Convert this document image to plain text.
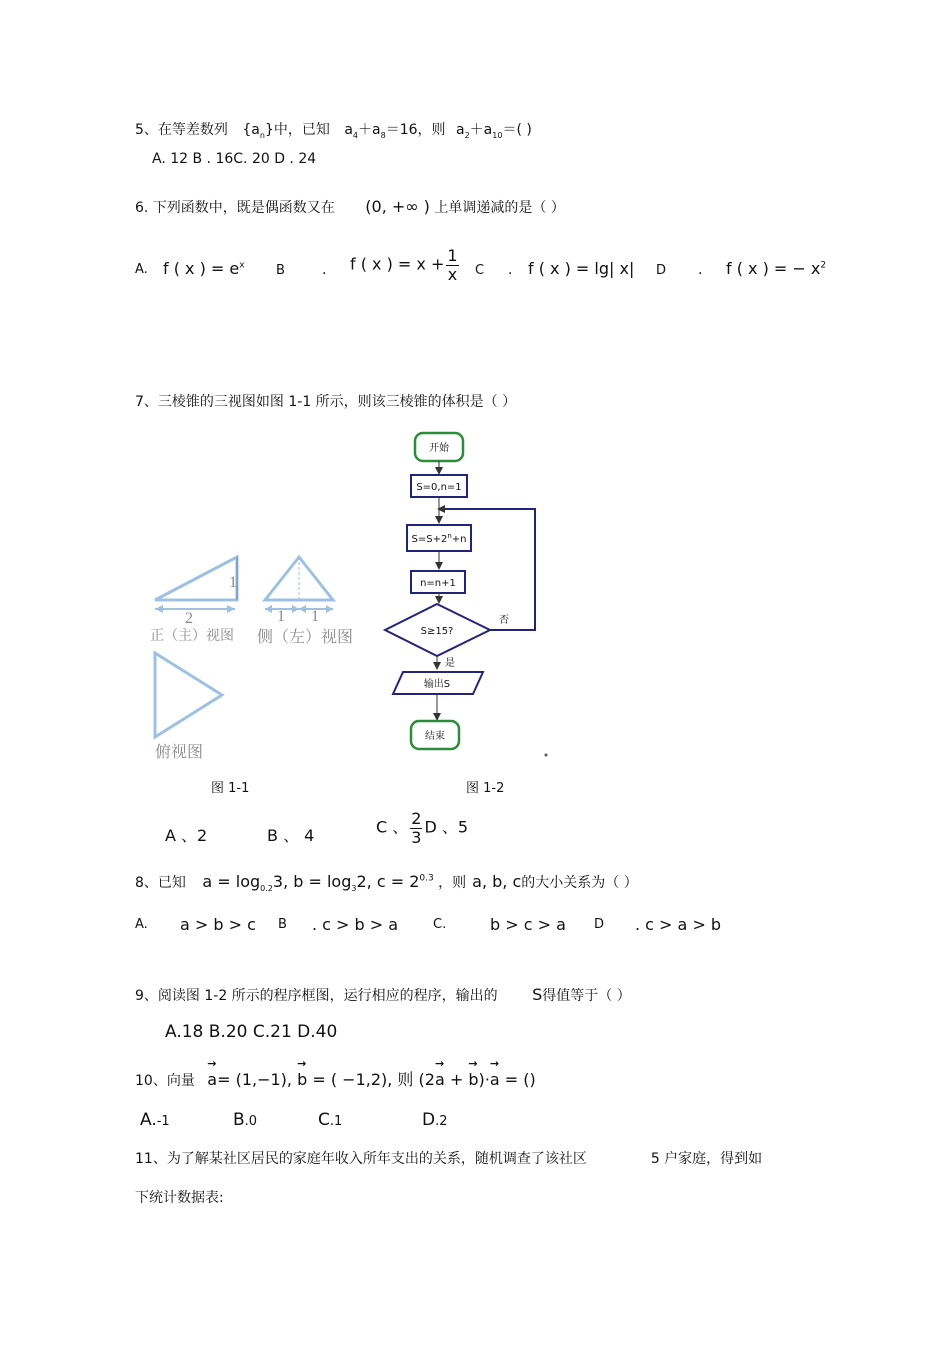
5、在等差数列 $\{a_n\}$中，已知 $a_4+a_8=16$，则 $a_2+a_{10}=$( )
A. 12 B . 16C. 20 D . 24
6. 下列函数中，既是偶函数又在 (0, +∞ ) 上单调递减的是（ ）
A. f ( x ) = $e^x$ B	. f ( x ) = $x + \frac{1}{x}$ C . f ( x ) = lg| x| D . f ( x ) = − $x^2$
7、三棱锥的三视图如图 1-1 所示，则该三棱锥的体积是（ ）
2
1
正（主）视图
1 1
侧（左）视图
俯视图
开始
S=0,n=1
$S=S+2^n+n$
n=n+1
S≥15?
否
是
输出S
结束
图 1-1	图 1-2
A 、2	B 、 4	C 、 $\frac{2}{3}$ D 、5
8、已知 $a = \log_{0.2}3$, $b = \log_32$, $c = 2^{0.3}$ ，则 a, b, c的大小关系为（ ）
A. a > b > c B . c > b > a	C.	b > c > a D . c > a > b
9、阅读图 1-2 所示的程序框图，运行相应的程序，输出的 S得值等于（ ）
A.18 B.20 C.21 D.40
10、向量 → a= (1,−1), → b = ( −1,2), 则 (2→ a + → b)⋅→ a = ()
A.-1	B.0	C.1	D.2
11、为了解某社区居民的家庭年收入所年支出的关系，随机调查了该社区	5 户家庭，得到如
下统计数据表:
